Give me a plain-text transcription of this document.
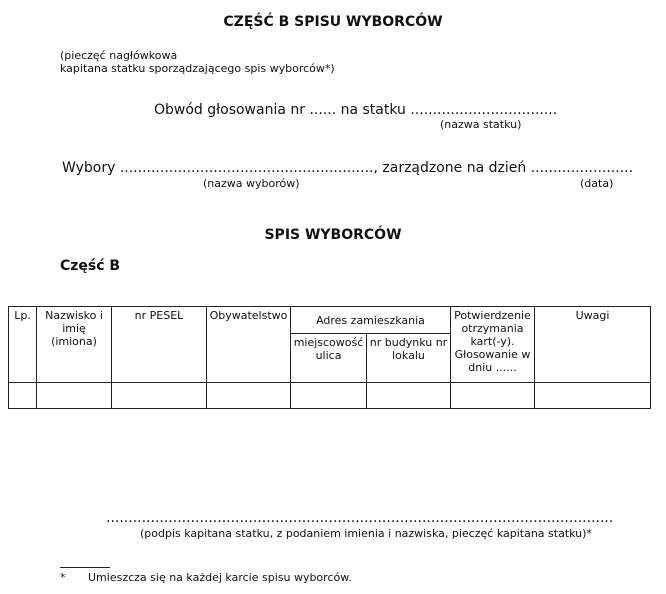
CZĘŚĆ B SPISU WYBORCÓW
(pieczęć nagłówkowa
kapitana statku sporządzającego spis wyborców*)
Obwód głosowania nr ...... na statku .................................
(nazwa statku)
Wybory ........................................................., zarządzone na dzień .......................
(nazwa wyborów)	(data)
SPIS WYBORCÓW
Część B
Lp.	Nazwisko i imię (imiona)	nr PESEL	Obywatelstwo	Adres zamieszkania		Potwierdzenie otrzymania kart(-y). Głosowanie w dniu ......	Uwagi
				miejscowość ulica	nr budynku nr lokalu		

..................................................................................................................
(podpis kapitana statku, z podaniem imienia i nazwiska, pieczęć kapitana statku)*
* Umieszcza się na każdej karcie spisu wyborców.
